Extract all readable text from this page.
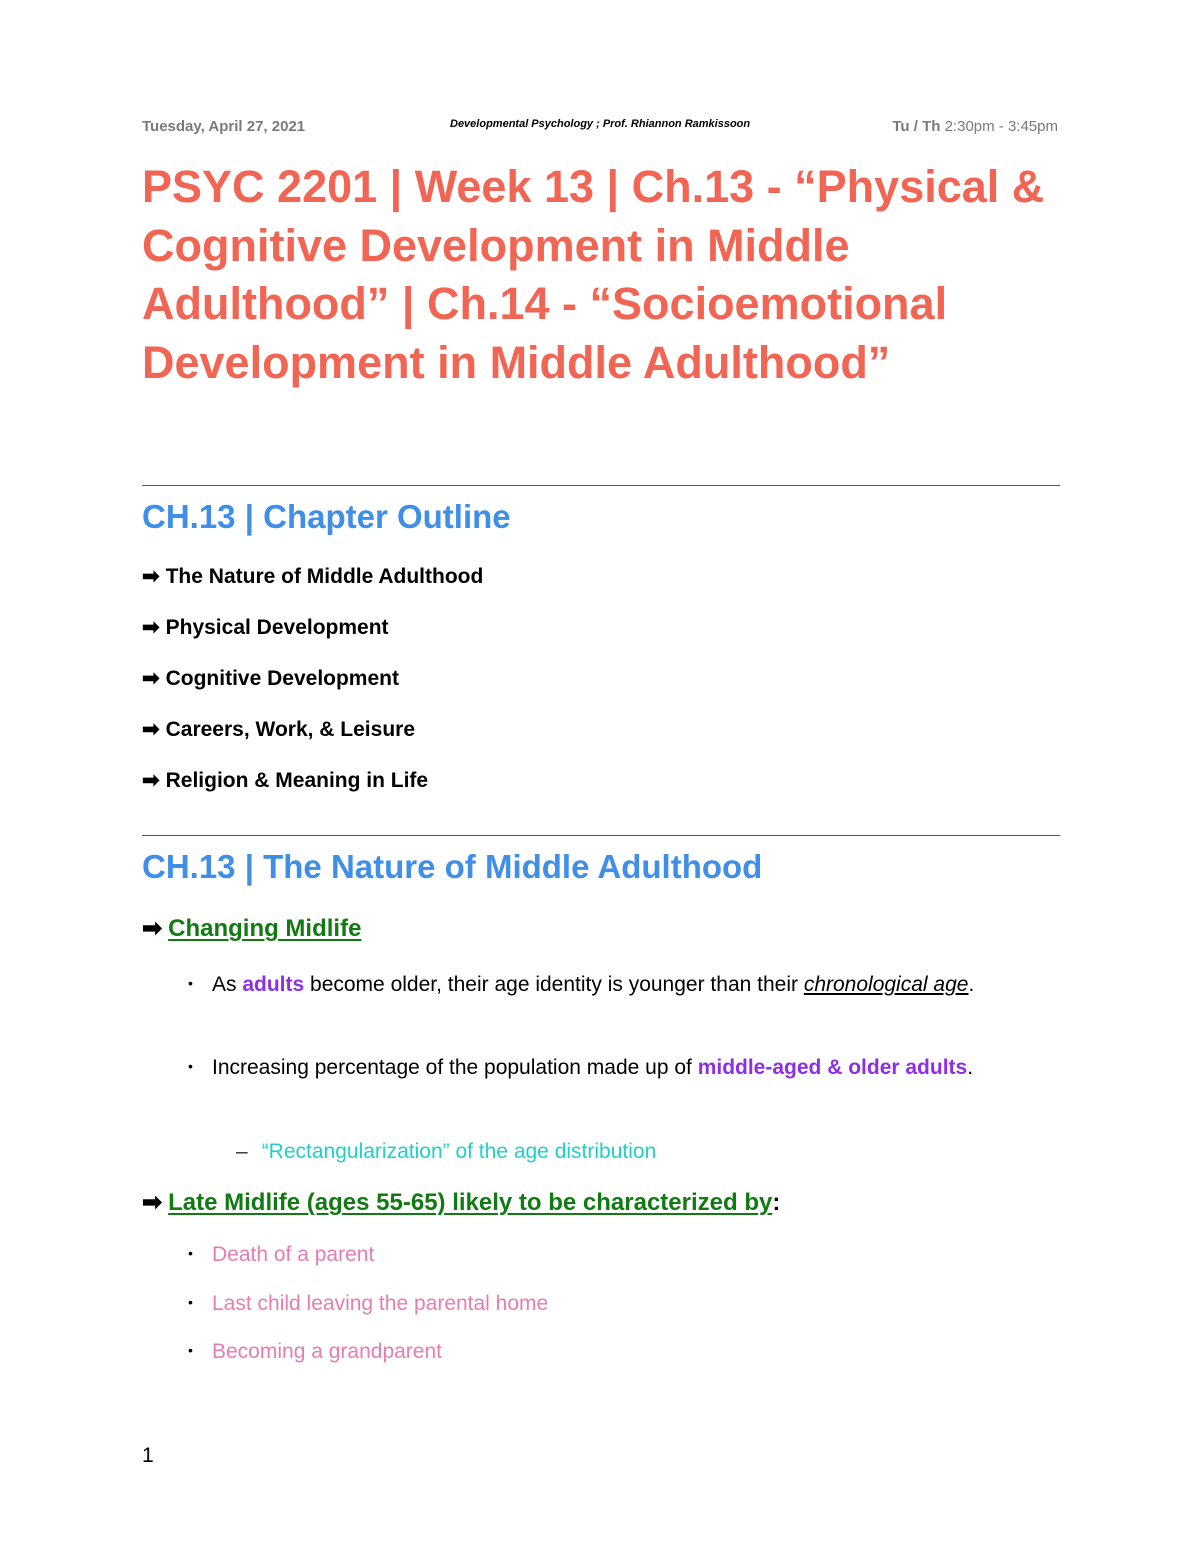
Tuesday, April 27, 2021	Developmental Psychology ; Prof. Rhiannon Ramkissoon	Tu / Th 2:30pm - 3:45pm
PSYC 2201 | Week 13 | Ch.13 - “Physical & Cognitive Development in Middle Adulthood” | Ch.14 - “Socioemotional Development in Middle Adulthood”
CH.13 | Chapter Outline
➡ The Nature of Middle Adulthood
➡ Physical Development
➡ Cognitive Development
➡ Careers, Work, & Leisure
➡ Religion & Meaning in Life
CH.13 | The Nature of Middle Adulthood
➡ Changing Midlife
• As adults become older, their age identity is younger than their chronological age.
• Increasing percentage of the population made up of middle-aged & older adults.
– “Rectangularization” of the age distribution
➡ Late Midlife (ages 55-65) likely to be characterized by:
• Death of a parent
• Last child leaving the parental home
• Becoming a grandparent
1
